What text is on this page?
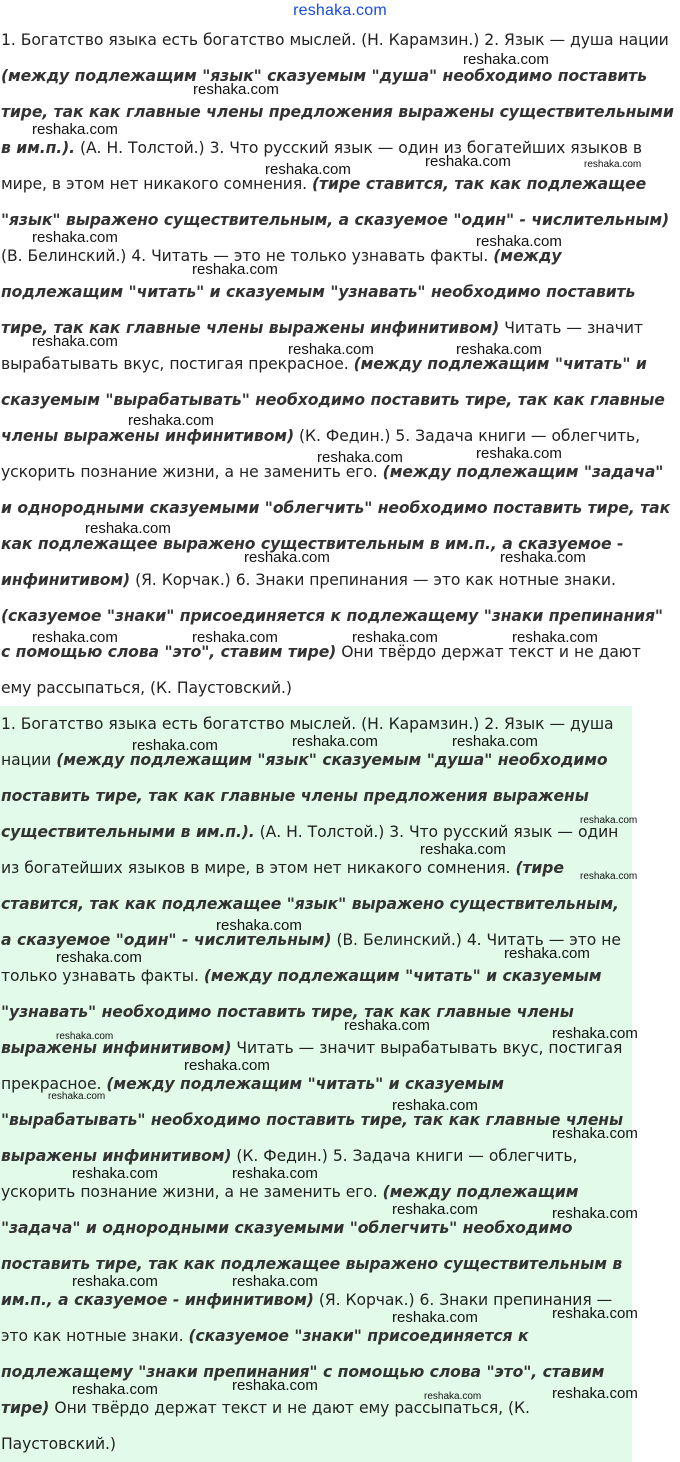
reshaka.com

1. Богатство языка есть богатство мыслей. (Н. Карамзин.) 2. Язык — душа нации (между подлежащим "язык" сказуемым "душа" необходимо поставить тире, так как главные члены предложения выражены существительными в им.п.). (А. Н. Толстой.) 3. Что русский язык — один из богатейших языков в мире, в этом нет никакого сомнения. (тире ставится, так как подлежащее "язык" выражено существительным, а сказуемое "один" - числительным) (В. Белинский.) 4. Читать — это не только узнавать факты. (между подлежащим "читать" и сказуемым "узнавать" необходимо поставить тире, так как главные члены выражены инфинитивом) Читать — значит вырабатывать вкус, постигая прекрасное. (между подлежащим "читать" и сказуемым "вырабатывать" необходимо поставить тире, так как главные члены выражены инфинитивом) (К. Федин.) 5. Задача книги — облегчить, ускорить познание жизни, а не заменить его. (между подлежащим "задача" и однородными сказуемыми "облегчить" необходимо поставить тире, так как подлежащее выражено существительным в им.п., а сказуемое - инфинитивом) (Я. Корчак.) 6. Знаки препинания — это как нотные знаки. (сказуемое "знаки" присоединяется к подлежащему "знаки препинания" с помощью слова "это", ставим тире) Они твёрдо держат текст и не дают ему рассыпаться, (К. Паустовский.)

1. Богатство языка есть богатство мыслей. (Н. Карамзин.) 2. Язык — душа нации (между подлежащим "язык" сказуемым "душа" необходимо поставить тире, так как главные члены предложения выражены существительными в им.п.). (А. Н. Толстой.) 3. Что русский язык — один из богатейших языков в мире, в этом нет никакого сомнения. (тире ставится, так как подлежащее "язык" выражено существительным, а сказуемое "один" - числительным) (В. Белинский.) 4. Читать — это не только узнавать факты. (между подлежащим "читать" и сказуемым "узнавать" необходимо поставить тире, так как главные члены выражены инфинитивом) Читать — значит вырабатывать вкус, постигая прекрасное. (между подлежащим "читать" и сказуемым "вырабатывать" необходимо поставить тире, так как главные члены выражены инфинитивом) (К. Федин.) 5. Задача книги — облегчить, ускорить познание жизни, а не заменить его. (между подлежащим "задача" и однородными сказуемыми "облегчить" необходимо поставить тире, так как подлежащее выражено существительным в им.п., а сказуемое - инфинитивом) (Я. Корчак.) 6. Знаки препинания — это как нотные знаки. (сказуемое "знаки" присоединяется к подлежащему "знаки препинания" с помощью слова "это", ставим тире) Они твёрдо держат текст и не дают ему рассыпаться, (К. Паустовский.)

reshaka.com
reshaka.com
reshaka.com
reshaka.com	reshaka.com	reshaka.com
reshaka.com	reshaka.com
reshaka.com
reshaka.com	reshaka.com	reshaka.com
reshaka.com
reshaka.com	reshaka.com
reshaka.com
reshaka.com	reshaka.com
reshaka.com	reshaka.com	reshaka.com	reshaka.com
reshaka.com	reshaka.com	reshaka.com
reshaka.com
reshaka.com
reshaka.com
reshaka.com
reshaka.com	reshaka.com
reshaka.com
reshaka.com	reshaka.com
reshaka.com
reshaka.com
reshaka.com
reshaka.com
reshaka.com	reshaka.com
reshaka.com	reshaka.com
reshaka.com	reshaka.com
reshaka.com	reshaka.com
reshaka.com	reshaka.com
reshaka.com	reshaka.com
